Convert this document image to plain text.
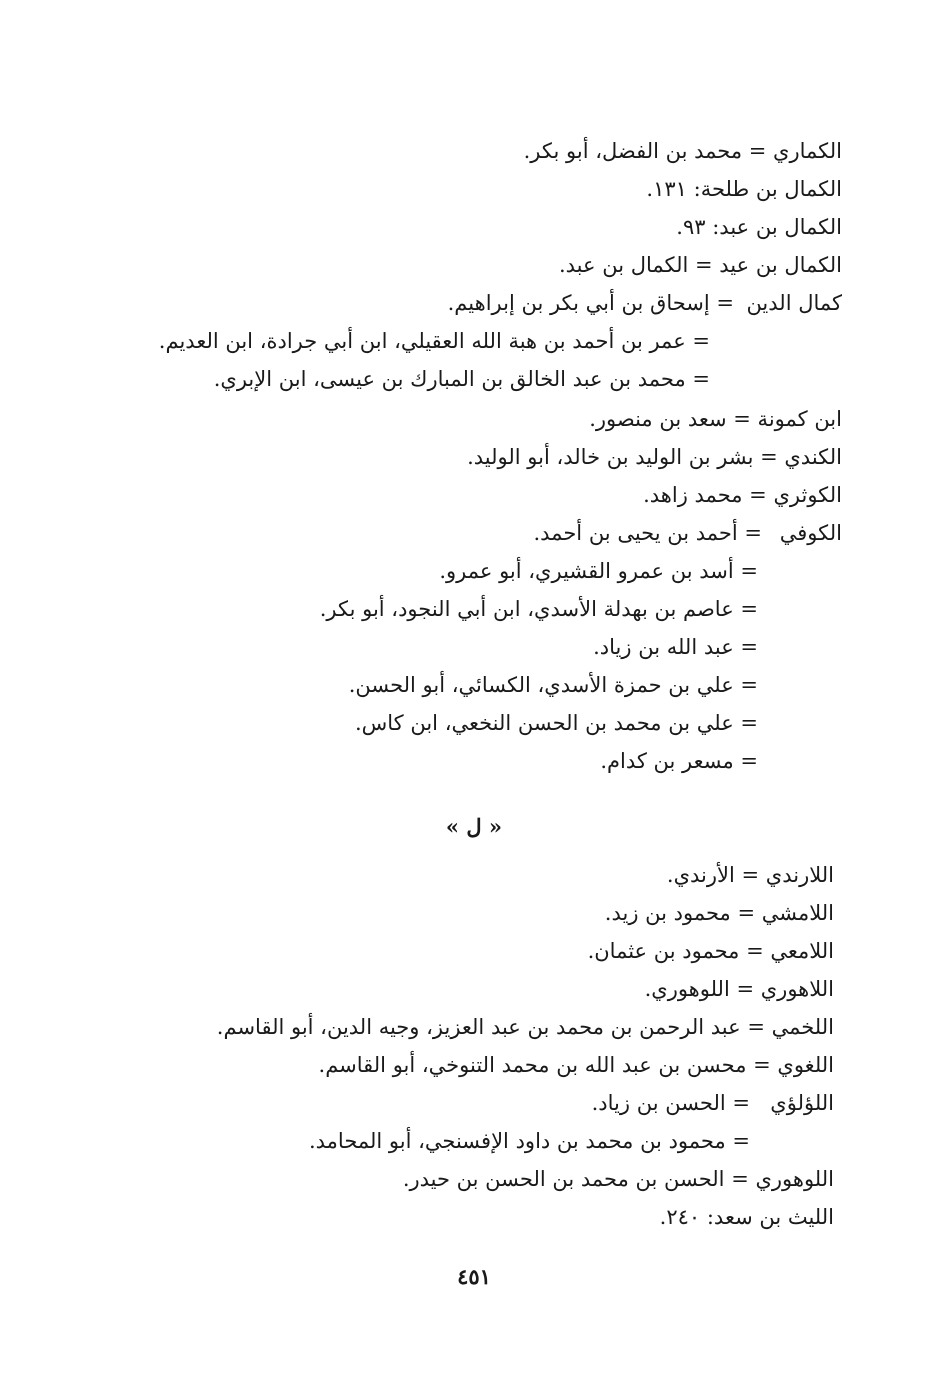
الكماري = محمد بن الفضل، أبو بكر.
الكمال بن طلحة: ١٣١.
الكمال بن عبد: ٩٣.
الكمال بن عيد = الكمال بن عبد.
كمال الدين= إسحاق بن أبي بكر بن إبراهيم.
= عمر بن أحمد بن هبة الله العقيلي، ابن أبي جرادة، ابن العديم.
= محمد بن عبد الخالق بن المبارك بن عيسى، ابن الإبري.
ابن كمونة = سعد بن منصور.
الكندي = بشر بن الوليد بن خالد، أبو الوليد.
الكوثري = محمد زاهد.
الكوفي= أحمد بن يحيى بن أحمد.
= أسد بن عمرو القشيري، أبو عمرو.
= عاصم بن بهدلة الأسدي، ابن أبي النجود، أبو بكر.
= عبد الله بن زياد.
= علي بن حمزة الأسدي، الكسائي، أبو الحسن.
= علي بن محمد بن الحسن النخعي، ابن كاس.
= مسعر بن كدام.
« ل »
اللارندي = الأرندي.
اللامشي = محمود بن زيد.
اللامعي = محمود بن عثمان.
اللاهوري = اللوهوري.
اللخمي = عبد الرحمن بن محمد بن عبد العزيز، وجيه الدين، أبو القاسم.
اللغوي = محسن بن عبد الله بن محمد التنوخي، أبو القاسم.
اللؤلؤي= الحسن بن زياد.
= محمود بن محمد بن داود الإفسنجي، أبو المحامد.
اللوهوري = الحسن بن محمد بن الحسن بن حيدر.
الليث بن سعد: ٢٤٠.
٤٥١
